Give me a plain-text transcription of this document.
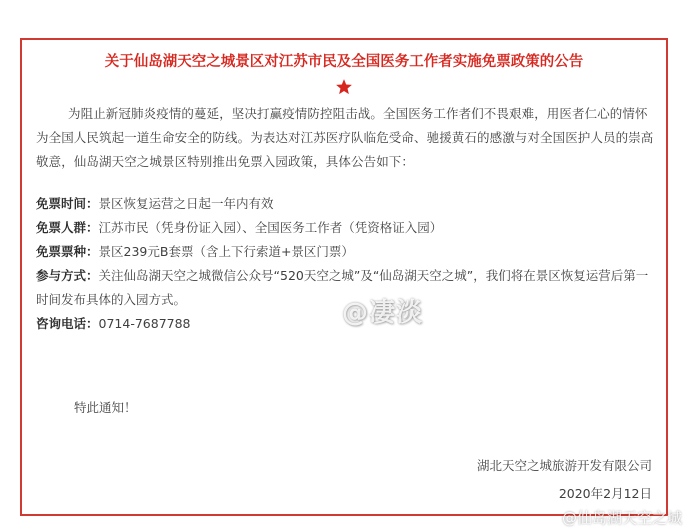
关于仙岛湖天空之城景区对江苏市民及全国医务工作者实施免票政策的公告

为阻止新冠肺炎疫情的蔓延，坚决打赢疫情防控阻击战。全国医务工作者们不畏艰难，用医者仁心的情怀为全国人民筑起一道生命安全的防线。为表达对江苏医疗队临危受命、驰援黄石的感激与对全国医护人员的崇高敬意，仙岛湖天空之城景区特别推出免票入园政策，具体公告如下：

免票时间：景区恢复运营之日起一年内有效

免票人群：江苏市民（凭身份证入园）、全国医务工作者（凭资格证入园）

免票票种：景区239元B套票（含上下行索道+景区门票）

参与方式：关注仙岛湖天空之城微信公众号“520天空之城”及“仙岛湖天空之城”，我们将在景区恢复运营后第一时间发布具体的入园方式。

咨询电话：0714-7687788

特此通知！
湖北天空之城旅游开发有限公司
2020年2月12日
@凄淡
@仙岛湖天空之城
